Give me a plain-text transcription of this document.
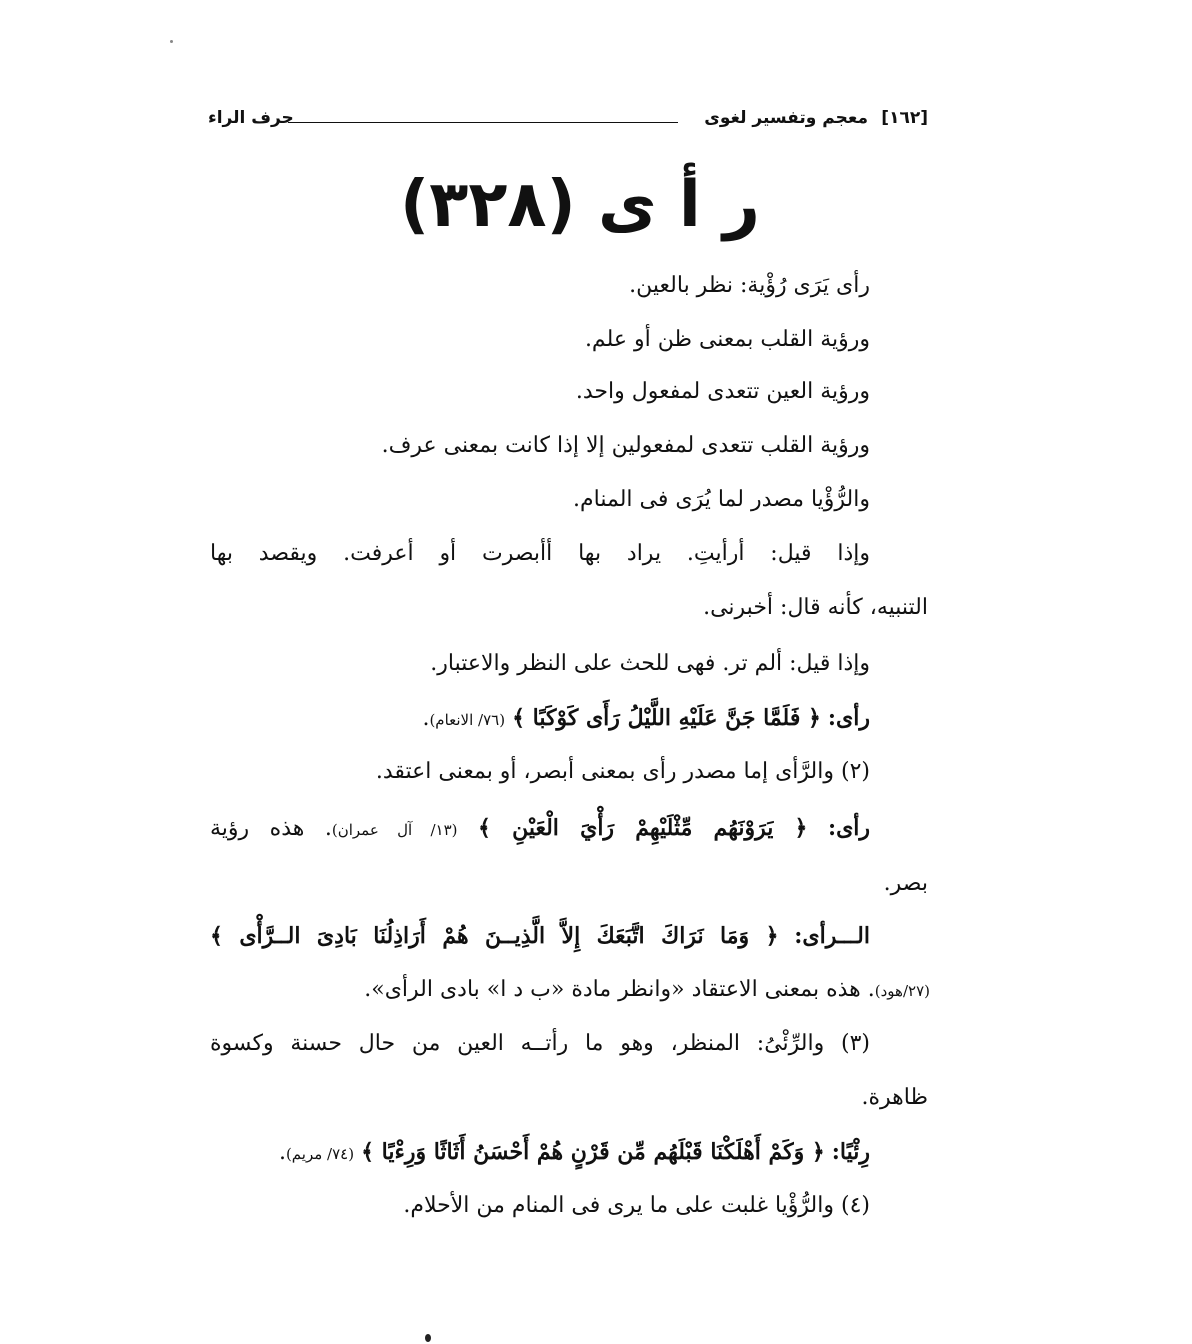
[١٦٢]
معجم وتفسير لغوى
حرف الراء
ر أ ى (٣٢٨)
رأى يَرَى رُؤْية: نظر بالعين.
ورؤية القلب بمعنى ظن أو علم.
ورؤية العين تتعدى لمفعول واحد.
ورؤية القلب تتعدى لمفعولين إلا إذا كانت بمعنى عرف.
والرُّؤْيا مصدر لما يُرَى فى المنام.
وإذا قيل: أرأيتِ. يراد بها أأبصرت أو أعرفت. ويقصد بها
التنبيه، كأنه قال: أخبرنى.
وإذا قيل: ألم تر. فهى للحث على النظر والاعتبار.
رأى: ﴿ فَلَمَّا جَنَّ عَلَيْهِ اللَّيْلُ رَأَى كَوْكَبًا ﴾ (٧٦/ الانعام).
(٢) والرَّأى إما مصدر رأى بمعنى أبصر، أو بمعنى اعتقد.
رأى: ﴿ يَرَوْنَهُم مِّثْلَيْهِمْ رَأْيَ الْعَيْنِ ﴾ (١٣/ آل عمران). هذه رؤية
بصر.
الـــرأى: ﴿ وَمَا نَرَاكَ اتَّبَعَكَ إِلاَّ الَّذِيــنَ هُمْ أَرَاذِلُنَا بَادِىَ الــرَّأْى ﴾
(٢٧/هود). هذه بمعنى الاعتقاد «وانظر مادة «ب د ا» بادى الرأى».
(٣) والرِّئْىُ: المنظر، وهو ما رأتــه العين من حال حسنة وكسوة
ظاهرة.
رِئْيًا: ﴿ وَكَمْ أَهْلَكْنَا قَبْلَهُم مِّن قَرْنٍ هُمْ أَحْسَنُ أَثَاثًا وَرِءْيًا ﴾ (٧٤/ مريم).
(٤) والرُّؤْيا غلبت على ما يرى فى المنام من الأحلام.
